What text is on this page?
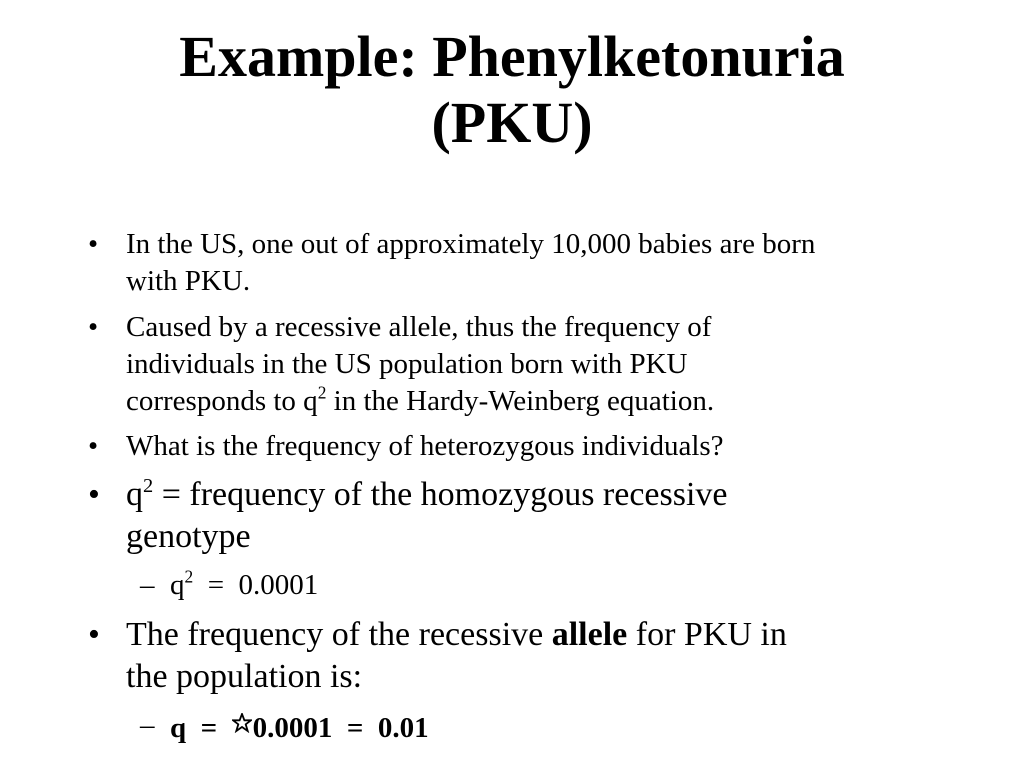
Example: Phenylketonuria
(PKU)
• In the US, one out of approximately 10,000 babies are born
with PKU.
• Caused by a recessive allele, thus the frequency of
individuals in the US population born with PKU
corresponds to $q^2$ in the Hardy-Weinberg equation.
• What is the frequency of heterozygous individuals?
• $q^2$ = frequency of the homozygous recessive
genotype
– $q^2 = 0.0001$
• The frequency of the recessive allele for PKU in
the population is:
– q  =  0.0001  =  0.01
